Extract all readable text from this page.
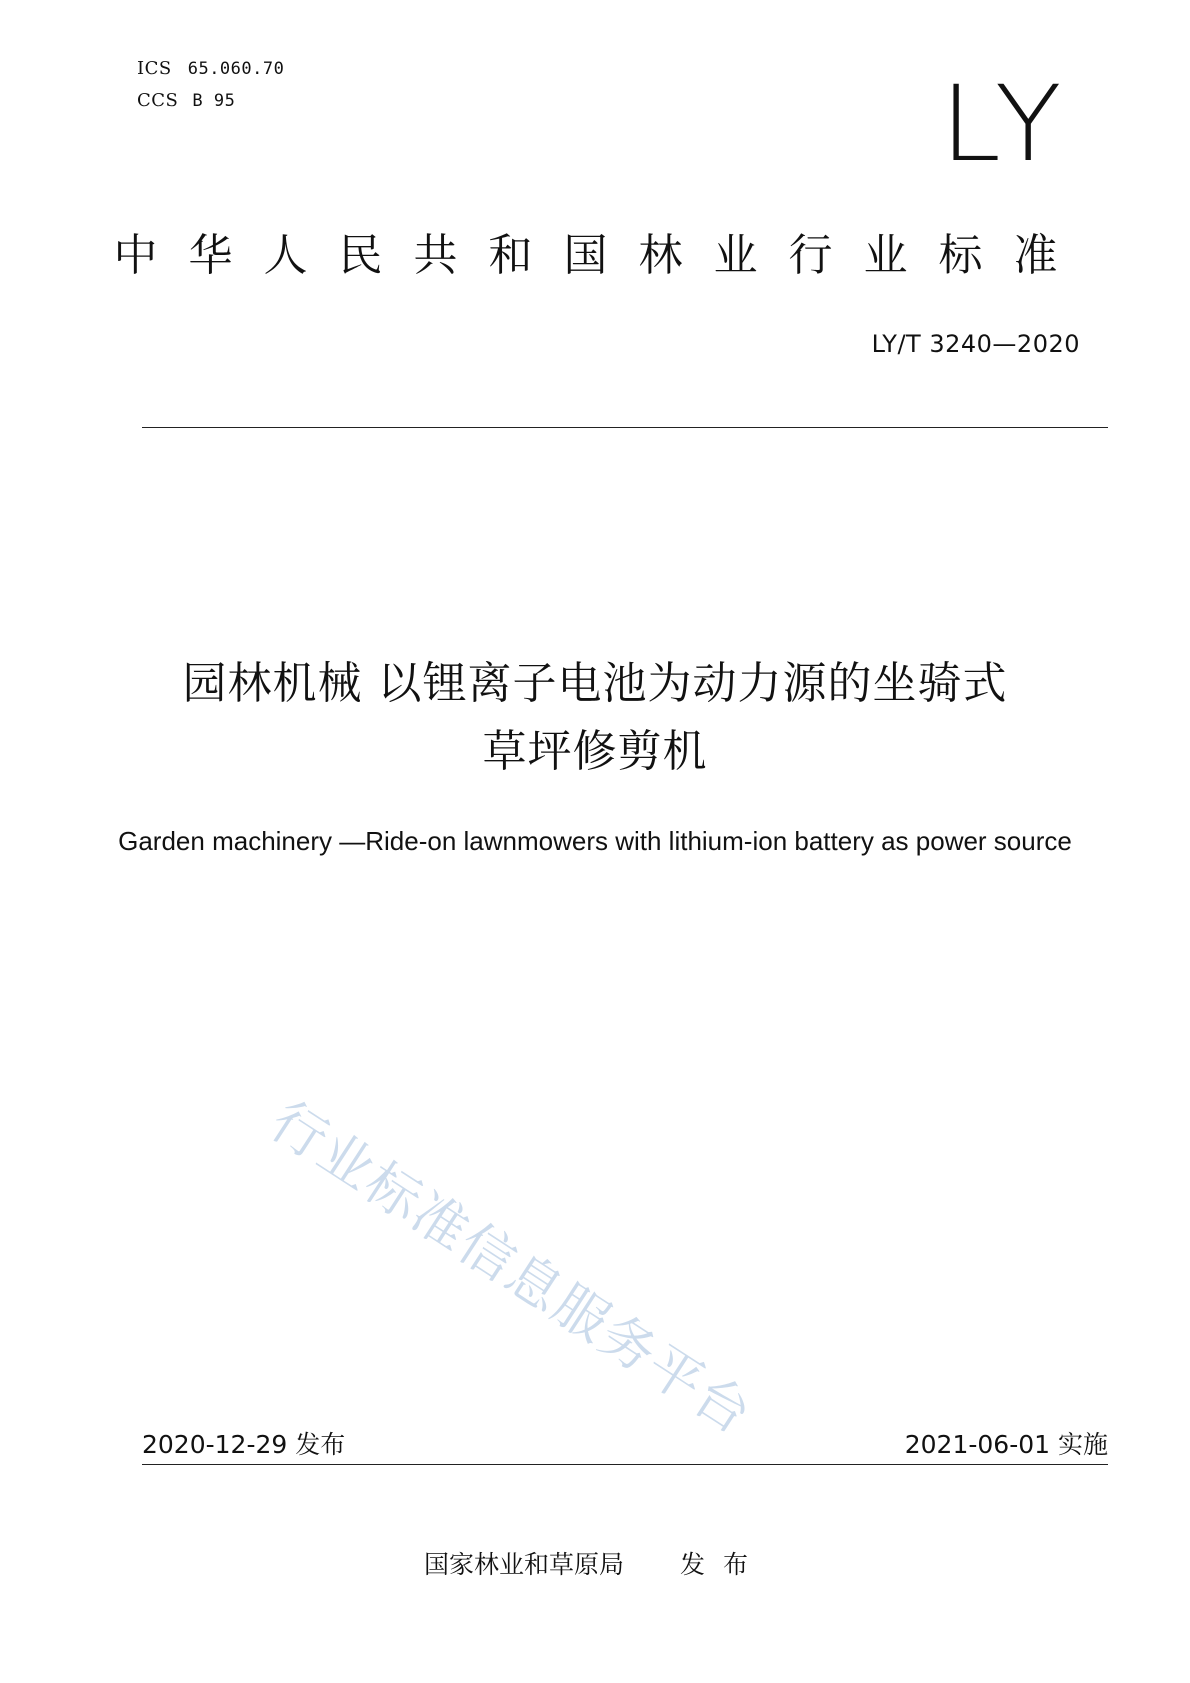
ICS 65.060.70
CCS B 95	LY
中华人民共和国林业行业标准
LY/T 3240—2020
园林机械 以锂离子电池为动力源的坐骑式
草坪修剪机
Garden machinery —Ride-on lawnmowers with lithium-ion battery as power source
行业标准信息服务平台
2020-12-29 发布	2021-06-01 实施
国家林业和草原局 发布
